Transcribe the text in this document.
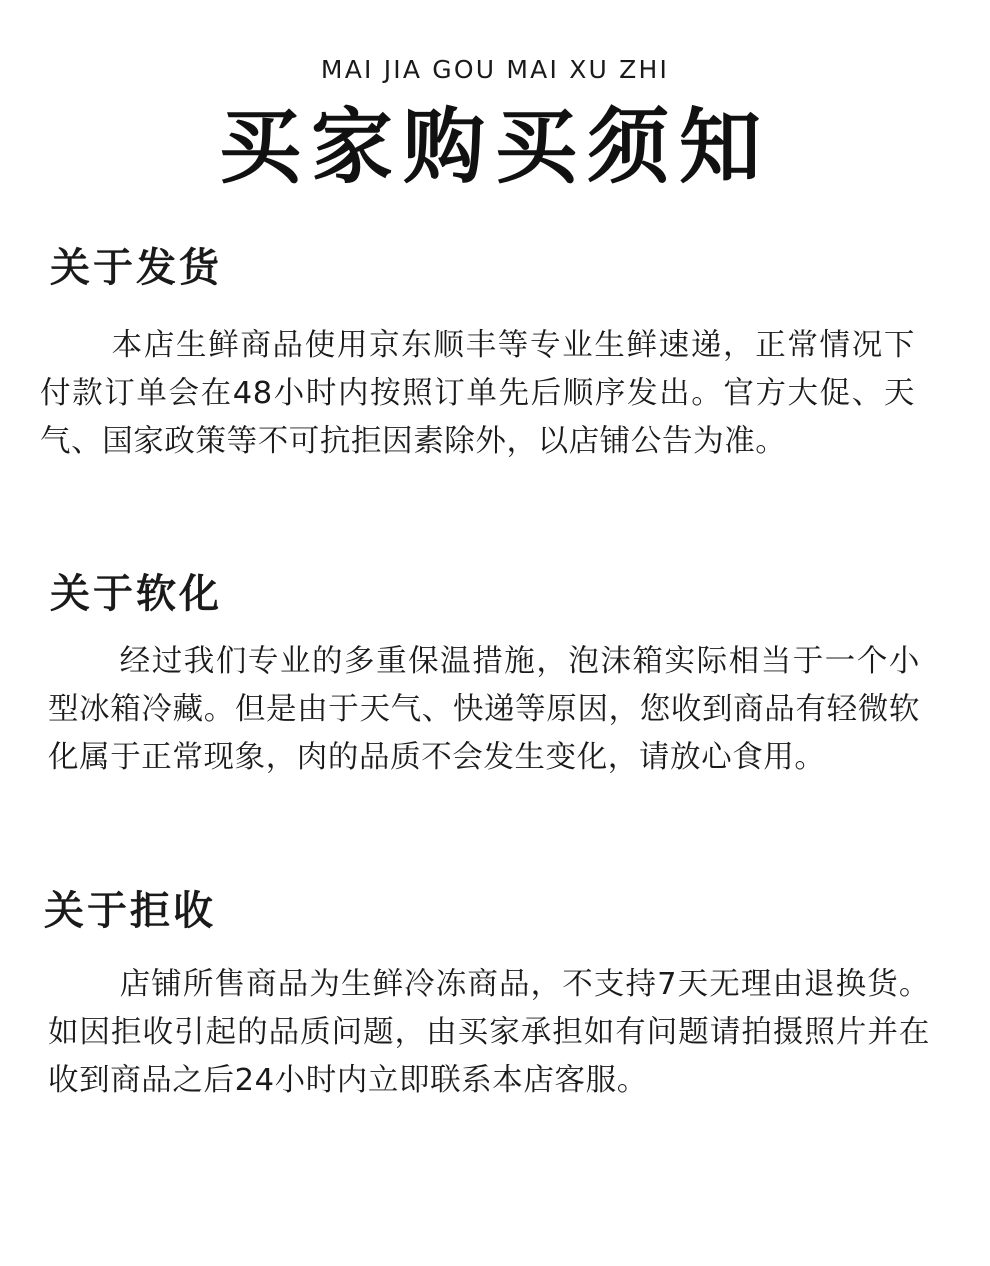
MAI JIA GOU MAI XU ZHI
买家购买须知
关于发货

本店生鲜商品使用京东顺丰等专业生鲜速递，正常情况下付款订单会在48小时内按照订单先后顺序发出。官方大促、天气、国家政策等不可抗拒因素除外，以店铺公告为准。

关于软化

经过我们专业的多重保温措施，泡沫箱实际相当于一个小型冰箱冷藏。但是由于天气、快递等原因，您收到商品有轻微软化属于正常现象，肉的品质不会发生变化，请放心食用。

关于拒收

店铺所售商品为生鲜冷冻商品，不支持7天无理由退换货。如因拒收引起的品质问题，由买家承担如有问题请拍摄照片并在收到商品之后24小时内立即联系本店客服。
